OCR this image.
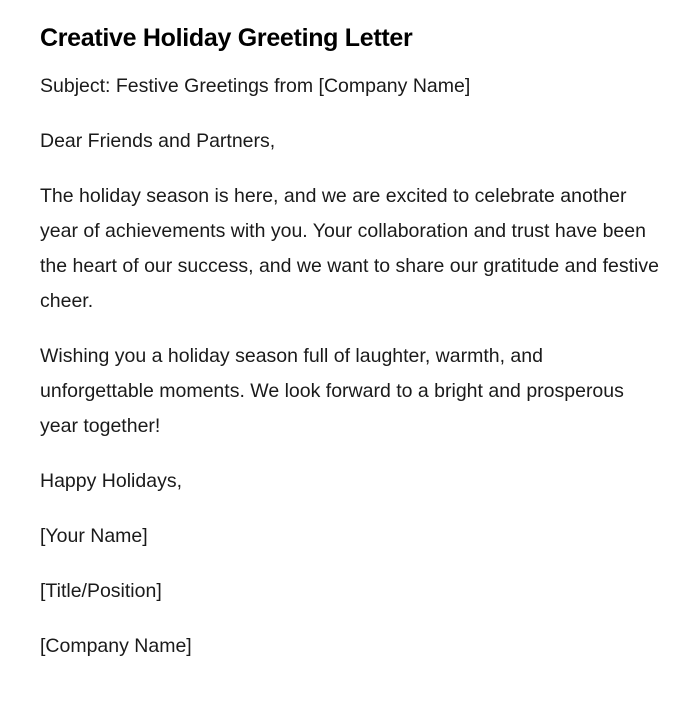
Creative Holiday Greeting Letter

Subject: Festive Greetings from [Company Name]

Dear Friends and Partners,

The holiday season is here, and we are excited to celebrate another year of achievements with you. Your collaboration and trust have been the heart of our success, and we want to share our gratitude and festive cheer.

Wishing you a holiday season full of laughter, warmth, and unforgettable moments. We look forward to a bright and prosperous year together!

Happy Holidays,

[Your Name]

[Title/Position]

[Company Name]
